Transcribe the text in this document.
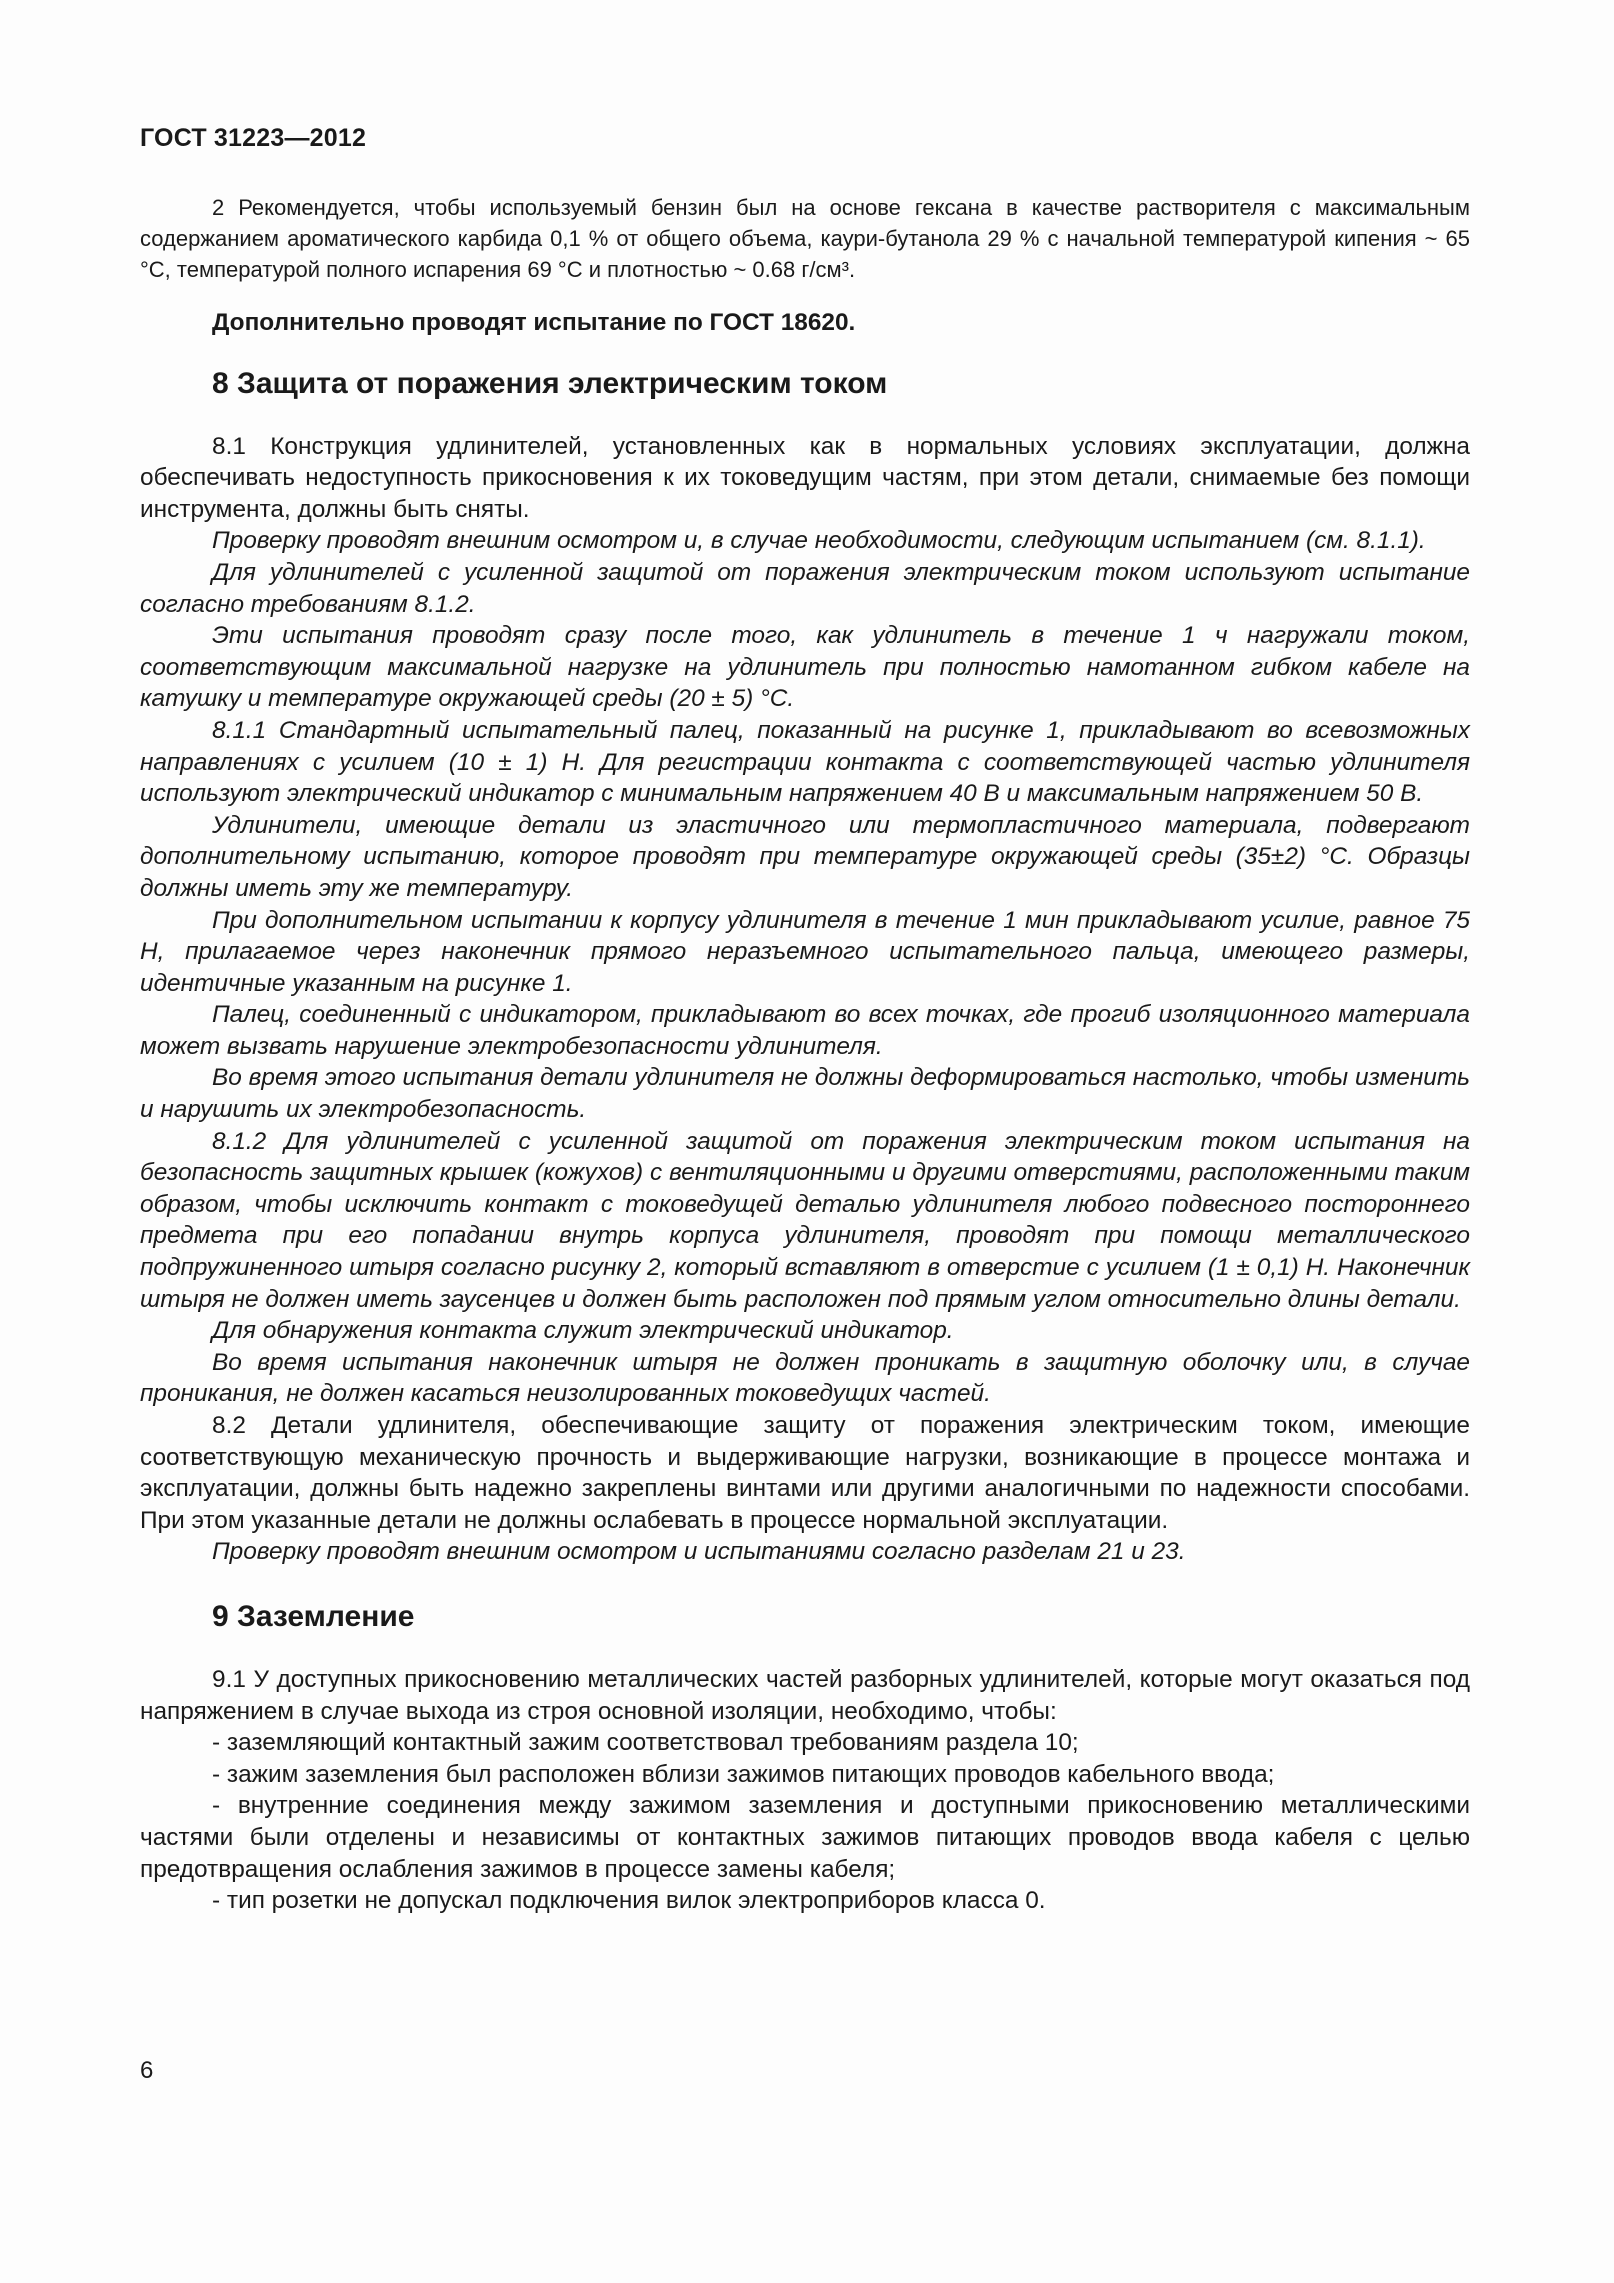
ГОСТ 31223—2012

2 Рекомендуется, чтобы используемый бензин был на основе гексана в качестве растворителя с максимальным содержанием ароматического карбида 0,1 % от общего объема, каури-бутанола 29 % с начальной температурой кипения ~ 65 °С, температурой полного испарения 69 °С и плотностью ~ 0.68 г/см³.

Дополнительно проводят испытание по ГОСТ 18620.

8 Защита от поражения электрическим током

8.1 Конструкция удлинителей, установленных как в нормальных условиях эксплуатации, должна обеспечивать недоступность прикосновения к их токоведущим частям, при этом детали, снимаемые без помощи инструмента, должны быть сняты.

Проверку проводят внешним осмотром и, в случае необходимости, следующим испытанием (см. 8.1.1).

Для удлинителей с усиленной защитой от поражения электрическим током используют испытание согласно требованиям 8.1.2.

Эти испытания проводят сразу после того, как удлинитель в течение 1 ч нагружали током, соответствующим максимальной нагрузке на удлинитель при полностью намотанном гибком кабеле на катушку и температуре окружающей среды (20 ± 5) °С.

8.1.1 Стандартный испытательный палец, показанный на рисунке 1, прикладывают во всевозможных направлениях с усилием (10 ± 1) Н. Для регистрации контакта с соответствующей частью удлинителя используют электрический индикатор с минимальным напряжением 40 В и максимальным напряжением 50 В.

Удлинители, имеющие детали из эластичного или термопластичного материала, подвергают дополнительному испытанию, которое проводят при температуре окружающей среды (35±2) °С. Образцы должны иметь эту же температуру.

При дополнительном испытании к корпусу удлинителя в течение 1 мин прикладывают усилие, равное 75 Н, прилагаемое через наконечник прямого неразъемного испытательного пальца, имеющего размеры, идентичные указанным на рисунке 1.

Палец, соединенный с индикатором, прикладывают во всех точках, где прогиб изоляционного материала может вызвать нарушение электробезопасности удлинителя.

Во время этого испытания детали удлинителя не должны деформироваться настолько, чтобы изменить и нарушить их электробезопасность.

8.1.2 Для удлинителей с усиленной защитой от поражения электрическим током испытания на безопасность защитных крышек (кожухов) с вентиляционными и другими отверстиями, расположенными таким образом, чтобы исключить контакт с токоведущей деталью удлинителя любого подвесного постороннего предмета при его попадании внутрь корпуса удлинителя, проводят при помощи металлического подпружиненного штыря согласно рисунку 2, который вставляют в отверстие с усилием (1 ± 0,1) Н. Наконечник штыря не должен иметь заусенцев и должен быть расположен под прямым углом относительно длины детали.

Для обнаружения контакта служит электрический индикатор.

Во время испытания наконечник штыря не должен проникать в защитную оболочку или, в случае проникания, не должен касаться неизолированных токоведущих частей.

8.2 Детали удлинителя, обеспечивающие защиту от поражения электрическим током, имеющие соответствующую механическую прочность и выдерживающие нагрузки, возникающие в процессе монтажа и эксплуатации, должны быть надежно закреплены винтами или другими аналогичными по надежности способами. При этом указанные детали не должны ослабевать в процессе нормальной эксплуатации.

Проверку проводят внешним осмотром и испытаниями согласно разделам 21 и 23.

9 Заземление

9.1 У доступных прикосновению металлических частей разборных удлинителей, которые могут оказаться под напряжением в случае выхода из строя основной изоляции, необходимо, чтобы:

- заземляющий контактный зажим соответствовал требованиям раздела 10;

- зажим заземления был расположен вблизи зажимов питающих проводов кабельного ввода;

- внутренние соединения между зажимом заземления и доступными прикосновению металлическими частями были отделены и независимы от контактных зажимов питающих проводов ввода кабеля с целью предотвращения ослабления зажимов в процессе замены кабеля;

- тип розетки не допускал подключения вилок электроприборов класса 0.

6
